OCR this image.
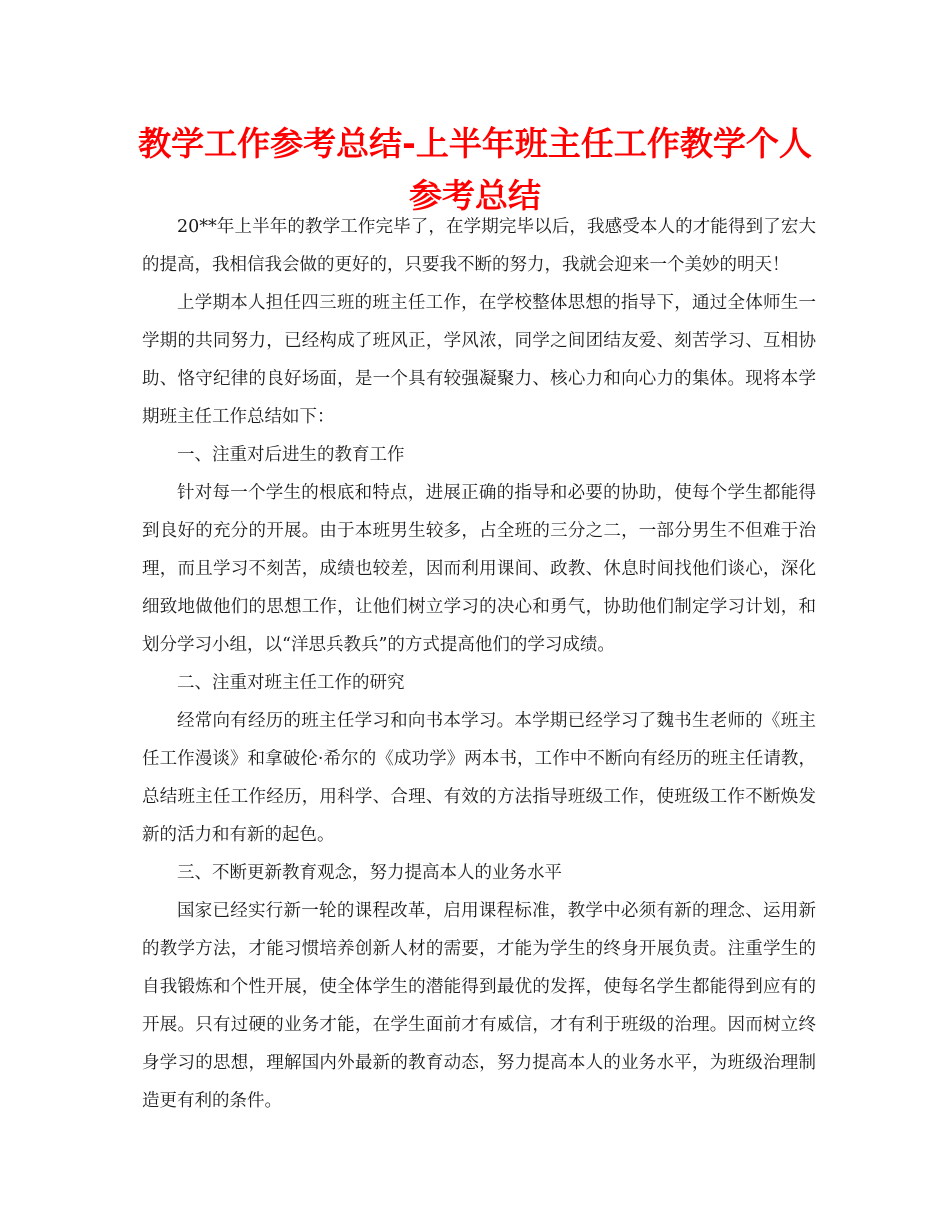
教学工作参考总结-上半年班主任工作教学个人参考总结

20**年上半年的教学工作完毕了，在学期完毕以后，我感受本人的才能得到了宏大的提高，我相信我会做的更好的，只要我不断的努力，我就会迎来一个美妙的明天！

上学期本人担任四三班的班主任工作，在学校整体思想的指导下，通过全体师生一学期的共同努力，已经构成了班风正，学风浓，同学之间团结友爱、刻苦学习、互相协助、恪守纪律的良好场面，是一个具有较强凝聚力、核心力和向心力的集体。现将本学期班主任工作总结如下：

一、注重对后进生的教育工作

针对每一个学生的根底和特点，进展正确的指导和必要的协助，使每个学生都能得到良好的充分的开展。由于本班男生较多，占全班的三分之二，一部分男生不但难于治理，而且学习不刻苦，成绩也较差，因而利用课间、政教、休息时间找他们谈心，深化细致地做他们的思想工作，让他们树立学习的决心和勇气，协助他们制定学习计划，和划分学习小组，以“洋思兵教兵”的方式提高他们的学习成绩。

二、注重对班主任工作的研究

经常向有经历的班主任学习和向书本学习。本学期已经学习了魏书生老师的《班主任工作漫谈》和拿破伦·希尔的《成功学》两本书，工作中不断向有经历的班主任请教，总结班主任工作经历，用科学、合理、有效的方法指导班级工作，使班级工作不断焕发新的活力和有新的起色。

三、不断更新教育观念，努力提高本人的业务水平

国家已经实行新一轮的课程改革，启用课程标准，教学中必须有新的理念、运用新的教学方法，才能习惯培养创新人材的需要，才能为学生的终身开展负责。注重学生的自我锻炼和个性开展，使全体学生的潜能得到最优的发挥，使每名学生都能得到应有的开展。只有过硬的业务才能，在学生面前才有威信，才有利于班级的治理。因而树立终身学习的思想，理解国内外最新的教育动态，努力提高本人的业务水平，为班级治理制造更有利的条件。
